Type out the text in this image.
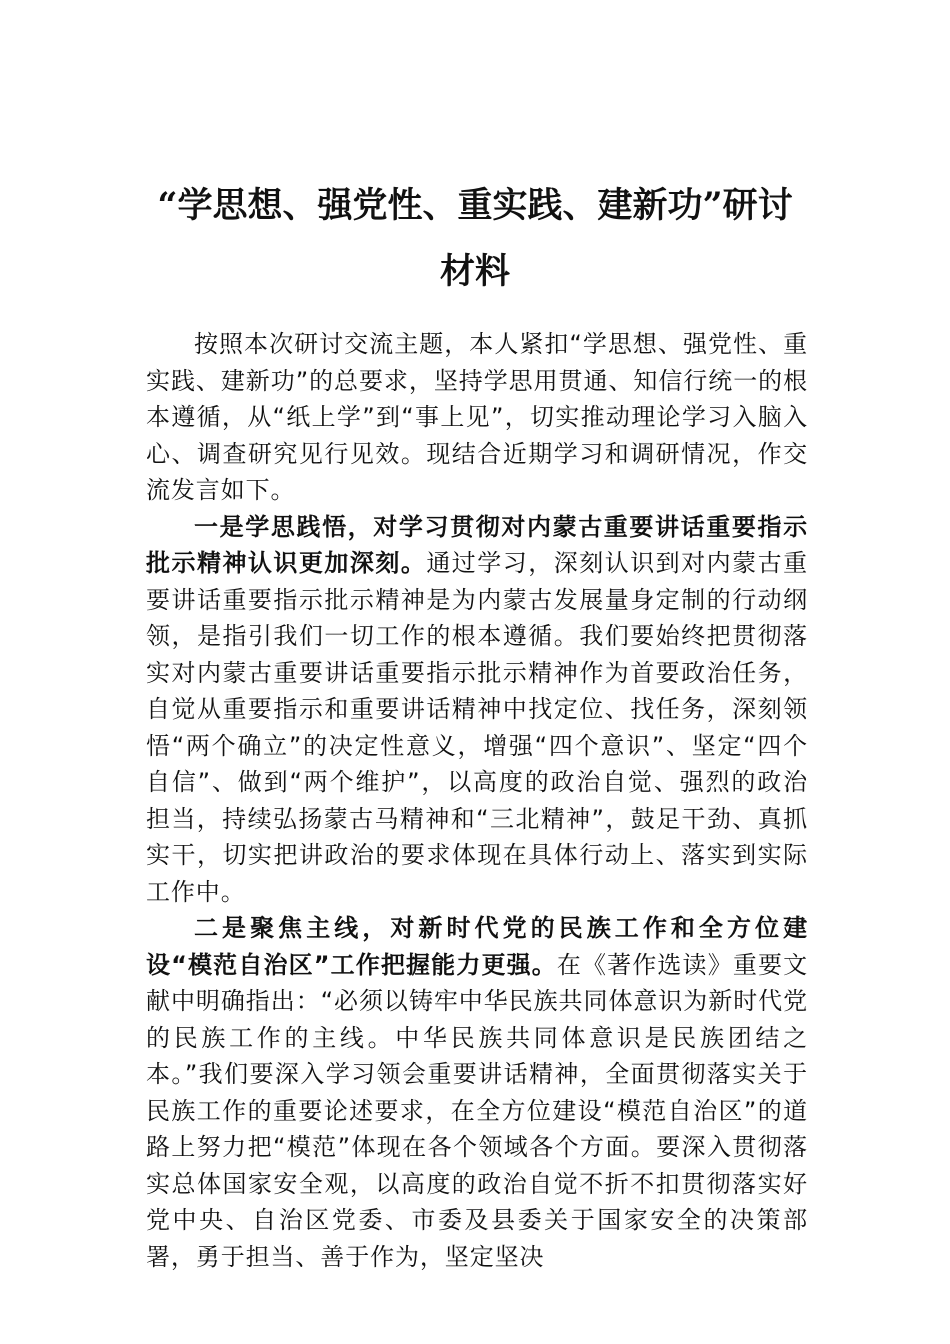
“学思想、强党性、重实践、建新功”研讨
材料

按照本次研讨交流主题，本人紧扣“学思想、强党性、重实践、建新功”的总要求，坚持学思用贯通、知信行统一的根本遵循，从“纸上学”到“事上见”，切实推动理论学习入脑入心、调查研究见行见效。现结合近期学习和调研情况，作交流发言如下。

一是学思践悟，对学习贯彻对内蒙古重要讲话重要指示批示精神认识更加深刻。通过学习，深刻认识到对内蒙古重要讲话重要指示批示精神是为内蒙古发展量身定制的行动纲领，是指引我们一切工作的根本遵循。我们要始终把贯彻落实对内蒙古重要讲话重要指示批示精神作为首要政治任务，自觉从重要指示和重要讲话精神中找定位、找任务，深刻领悟“两个确立”的决定性意义，增强“四个意识”、坚定“四个自信”、做到“两个维护”，以高度的政治自觉、强烈的政治担当，持续弘扬蒙古马精神和“三北精神”，鼓足干劲、真抓实干，切实把讲政治的要求体现在具体行动上、落实到实际工作中。

二是聚焦主线，对新时代党的民族工作和全方位建设“模范自治区”工作把握能力更强。在《著作选读》重要文献中明确指出：“必须以铸牢中华民族共同体意识为新时代党的民族工作的主线。中华民族共同体意识是民族团结之本。”我们要深入学习领会重要讲话精神，全面贯彻落实关于民族工作的重要论述要求，在全方位建设“模范自治区”的道路上努力把“模范”体现在各个领域各个方面。要深入贯彻落实总体国家安全观，以高度的政治自觉不折不扣贯彻落实好党中央、自治区党委、市委及县委关于国家安全的决策部署，勇于担当、善于作为，坚定坚决
